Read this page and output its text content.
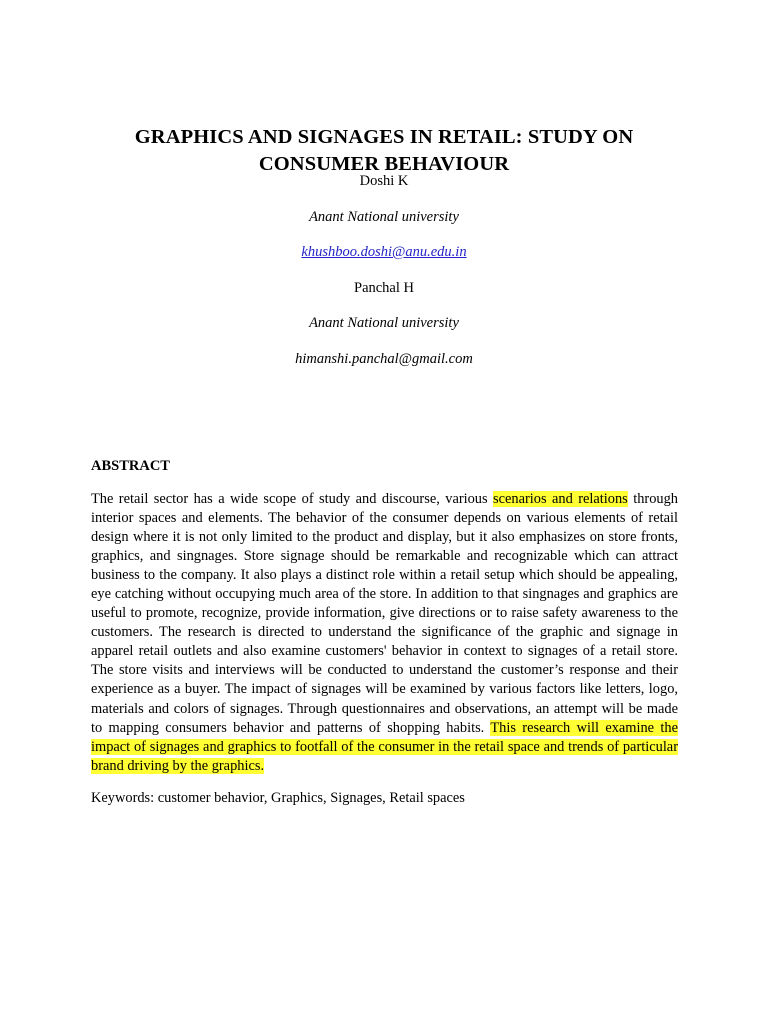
GRAPHICS AND SIGNAGES IN RETAIL: STUDY ON
CONSUMER BEHAVIOUR
Doshi K
Anant National university
khushboo.doshi@anu.edu.in
Panchal H
Anant National university
himanshi.panchal@gmail.com
ABSTRACT
The retail sector has a wide scope of study and discourse, various scenarios and relations through interior spaces and elements. The behavior of the consumer depends on various elements of retail design where it is not only limited to the product and display, but it also emphasizes on store fronts, graphics, and singnages. Store signage should be remarkable and recognizable which can attract business to the company. It also plays a distinct role within a retail setup which should be appealing, eye catching without occupying much area of the store. In addition to that singnages and graphics are useful to promote, recognize, provide information, give directions or to raise safety awareness to the customers. The research is directed to understand the significance of the graphic and signage in apparel retail outlets and also examine customers' behavior in context to signages of a retail store. The store visits and interviews will be conducted to understand the customer’s response and their experience as a buyer. The impact of signages will be examined by various factors like letters, logo, materials and colors of signages. Through questionnaires and observations, an attempt will be made to mapping consumers behavior and patterns of shopping habits. This research will examine the impact of signages and graphics to footfall of the consumer in the retail space and trends of particular brand driving by the graphics.
Keywords: customer behavior, Graphics, Signages, Retail spaces
